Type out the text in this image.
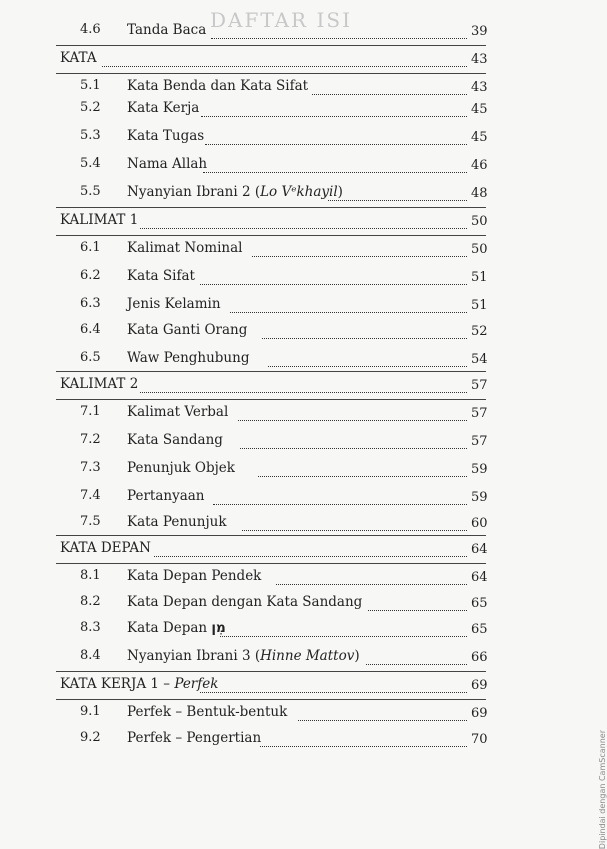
DAFTAR ISI
4.6 Tanda Baca	39
KATA	43
5.1 Kata Benda dan Kata Sifat	43
5.2 Kata Kerja	45
5.3 Kata Tugas	45
5.4 Nama Allah	46
5.5 Nyanyian Ibrani 2 (Lo Vᵉkhayil)	48
KALIMAT 1	50
6.1 Kalimat Nominal	50
6.2 Kata Sifat	51
6.3 Jenis Kelamin	51
6.4 Kata Ganti Orang	52
6.5 Waw Penghubung	54
KALIMAT 2	57
7.1 Kalimat Verbal	57
7.2 Kata Sandang	57
7.3 Penunjuk Objek	59
7.4 Pertanyaan	59
7.5 Kata Penunjuk	60
KATA DEPAN	64
8.1 Kata Depan Pendek	64
8.2 Kata Depan dengan Kata Sandang	65
8.3 Kata Depan מִן	65
8.4 Nyanyian Ibrani 3 (Hinne Mattov)	66
KATA KERJA 1 – Perfek	69
9.1 Perfek – Bentuk-bentuk	69
9.2 Perfek – Pengertian	70	Dipindai dengan CamScanner
